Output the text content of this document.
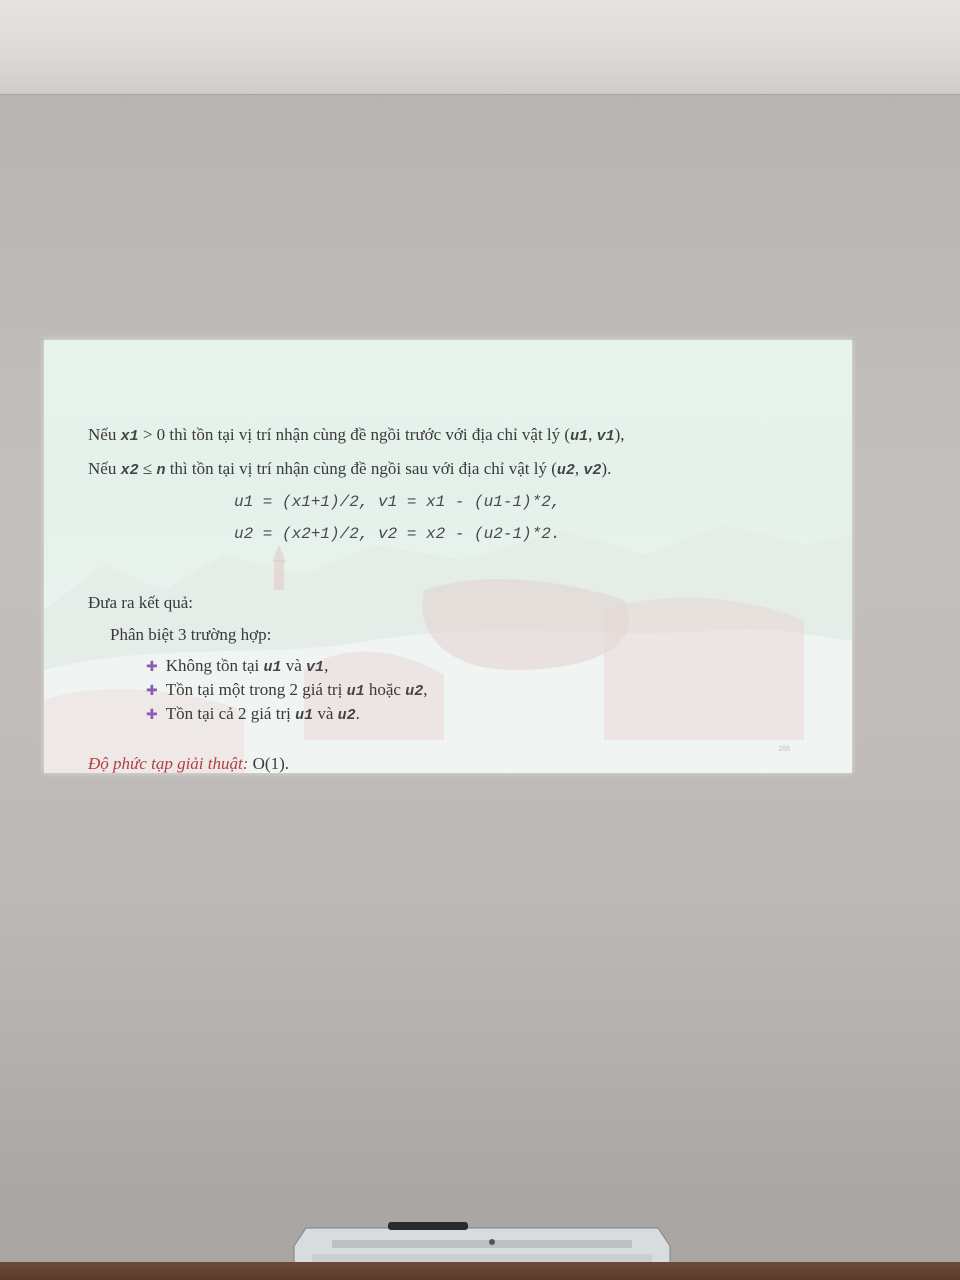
Nếu x1 > 0 thì tồn tại vị trí nhận cùng đề ngồi trước với địa chỉ vật lý (u1, v1),
Nếu x2 ≤ n thì tồn tại vị trí nhận cùng đề ngồi sau với địa chỉ vật lý (u2, v2).
u1 = (x1+1)/2, v1 = x1 - (u1-1)*2,
u2 = (x2+1)/2, v2 = x2 - (u2-1)*2.
Đưa ra kết quả:
Phân biệt 3 trường hợp:
✚ Không tồn tại u1 và v1,
✚ Tồn tại một trong 2 giá trị u1 hoặc u2,
✚ Tồn tại cả 2 giá trị u1 và u2.
Độ phức tạp giải thuật: O(1).
288
